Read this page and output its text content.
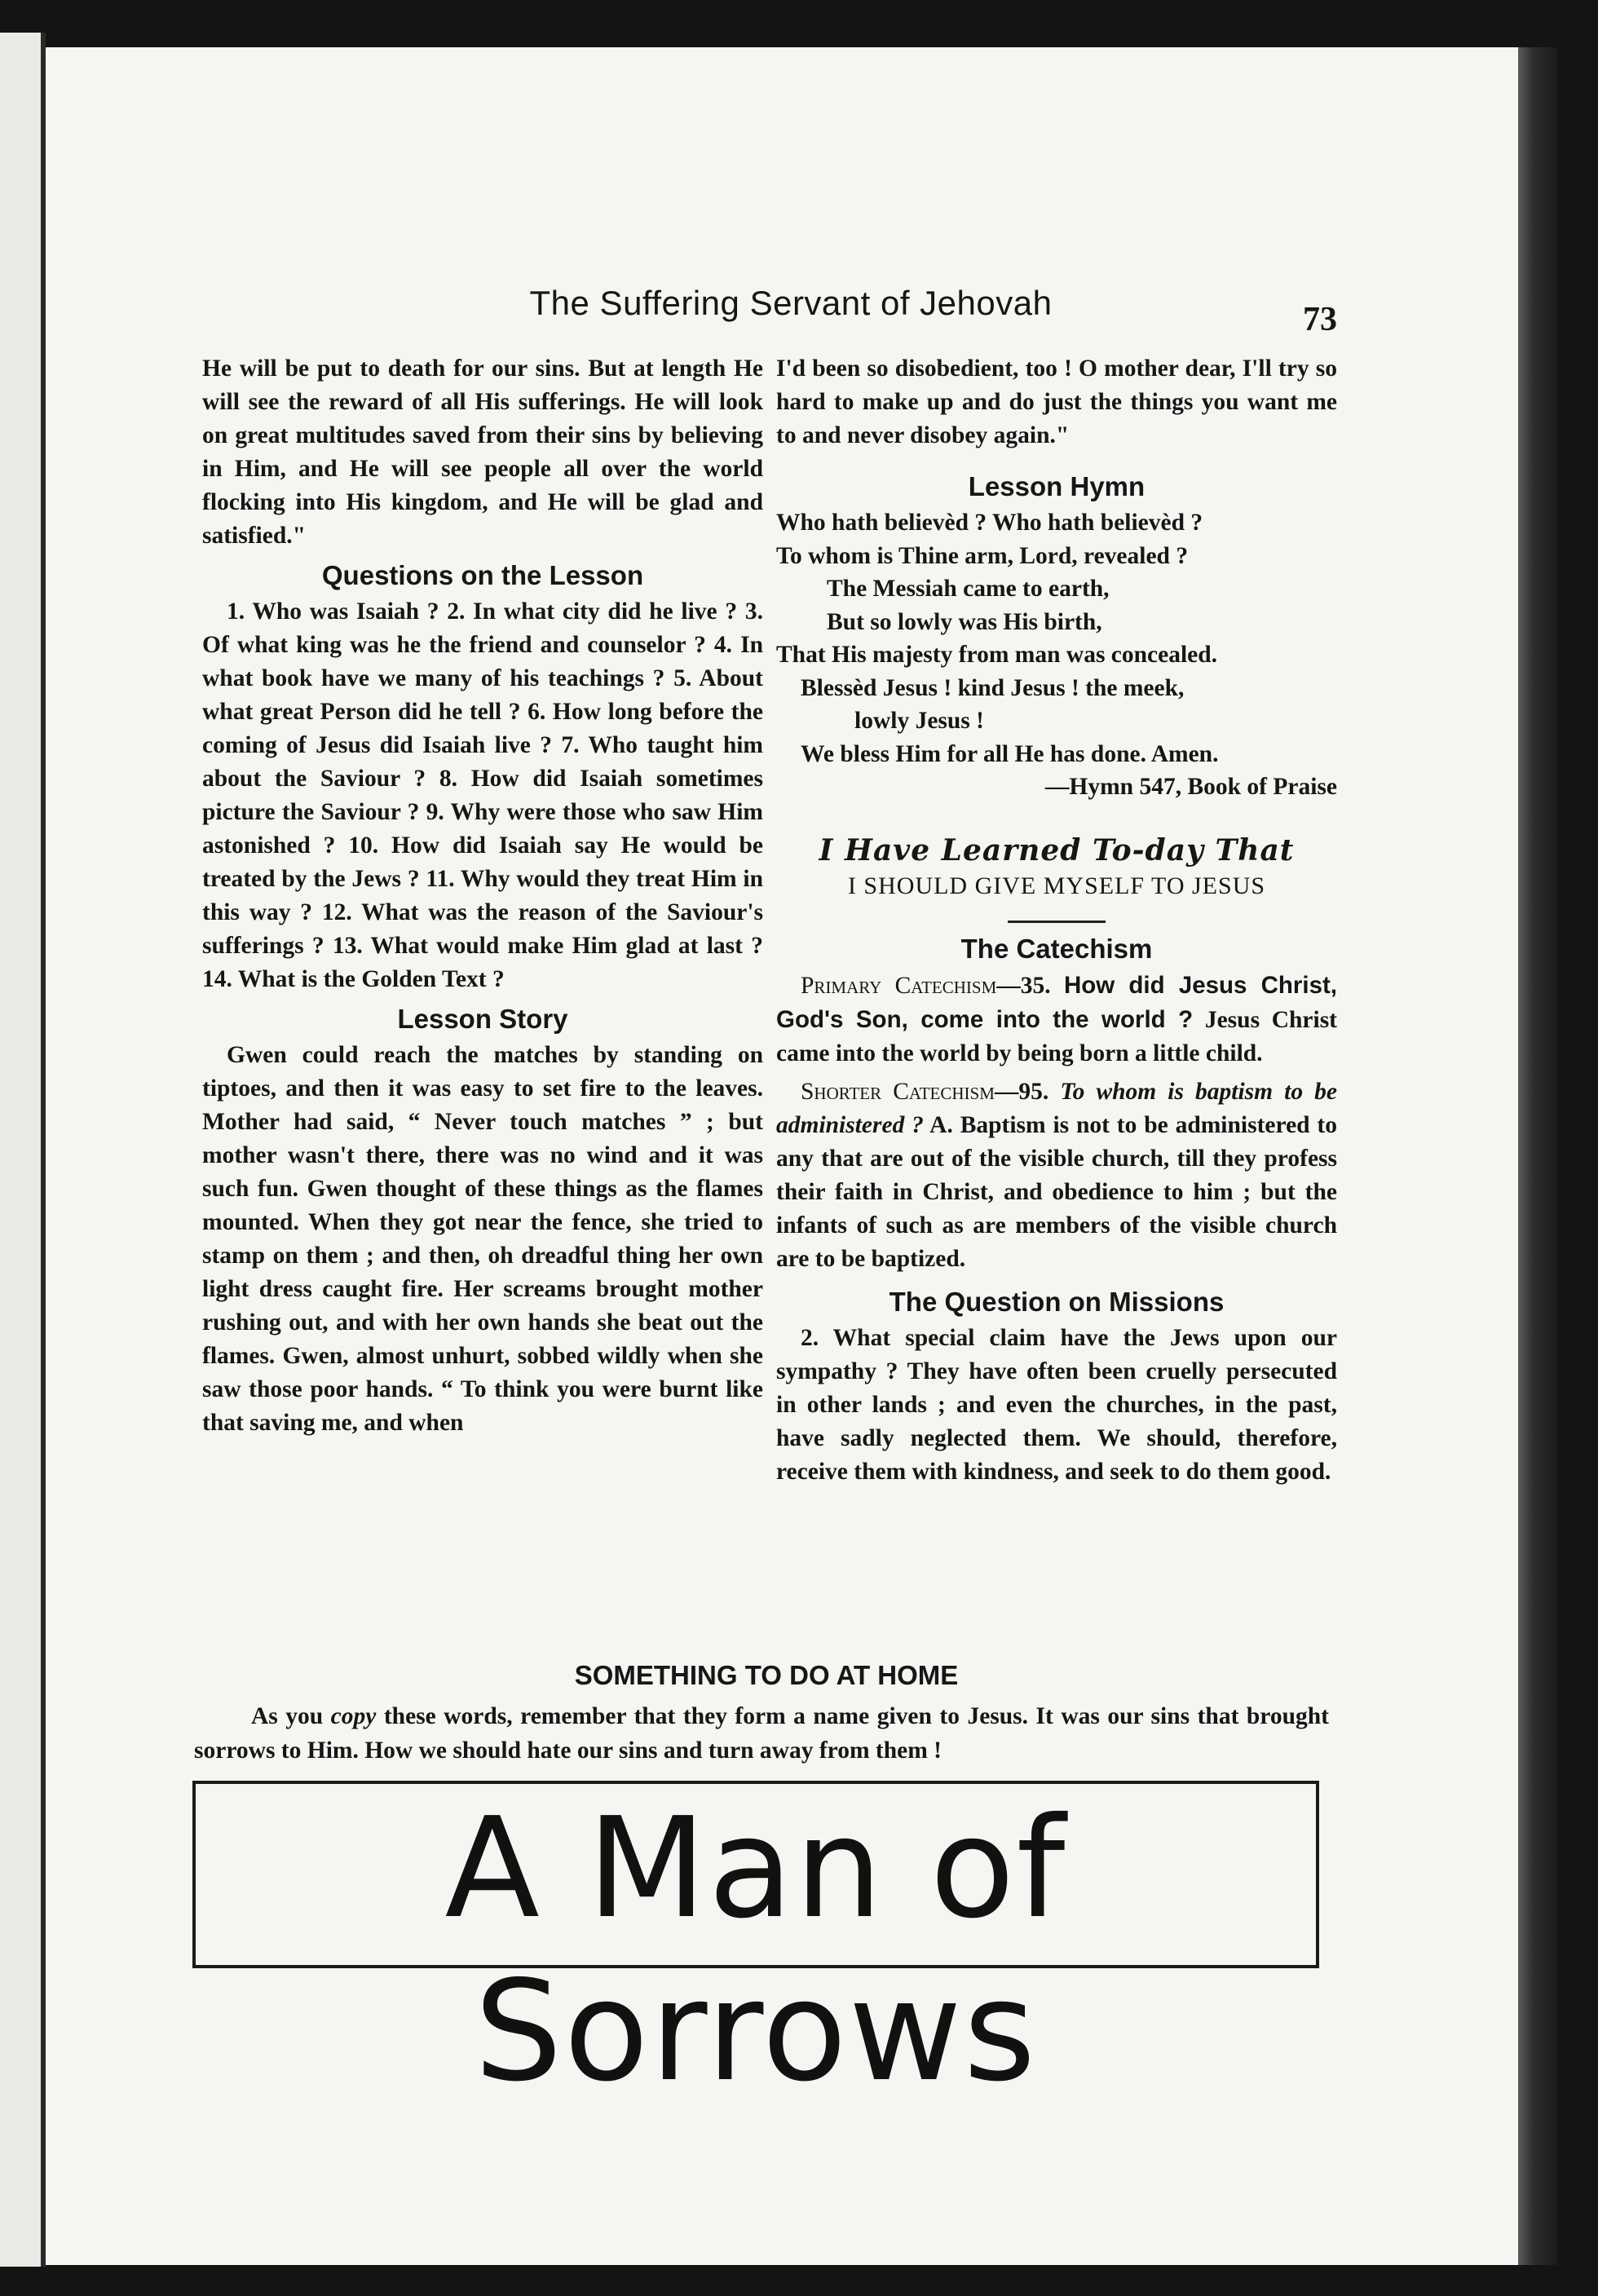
The Suffering Servant of Jehovah	73

He will be put to death for our sins. But at length He will see the reward of all His sufferings. He will look on great multitudes saved from their sins by believing in Him, and He will see people all over the world flocking into His kingdom, and He will be glad and satisfied."

Questions on the Lesson

1. Who was Isaiah ? 2. In what city did he live ? 3. Of what king was he the friend and counselor ? 4. In what book have we many of his teachings ? 5. About what great Person did he tell ? 6. How long before the coming of Jesus did Isaiah live ? 7. Who taught him about the Saviour ? 8. How did Isaiah sometimes picture the Saviour ? 9. Why were those who saw Him astonished ? 10. How did Isaiah say He would be treated by the Jews ? 11. Why would they treat Him in this way ? 12. What was the reason of the Saviour's sufferings ? 13. What would make Him glad at last ? 14. What is the Golden Text ?

Lesson Story

Gwen could reach the matches by standing on tiptoes, and then it was easy to set fire to the leaves. Mother had said, “ Never touch matches ” ; but mother wasn't there, there was no wind and it was such fun. Gwen thought of these things as the flames mounted. When they got near the fence, she tried to stamp on them ; and then, oh dreadful thing her own light dress caught fire. Her screams brought mother rushing out, and with her own hands she beat out the flames. Gwen, almost unhurt, sobbed wildly when she saw those poor hands. “ To think you were burnt like that saving me, and when

I'd been so disobedient, too ! O mother dear, I'll try so hard to make up and do just the things you want me to and never disobey again."

Lesson Hymn
Who hath believèd ? Who hath believèd ?
To whom is Thine arm, Lord, revealed ?
The Messiah came to earth,
But so lowly was His birth,
That His majesty from man was concealed.
Blessèd Jesus ! kind Jesus ! the meek,
lowly Jesus !
We bless Him for all He has done. Amen.
—Hymn 547, Book of Praise
I Have Learned To-day That
I SHOULD GIVE MYSELF TO JESUS
The Catechism

Primary Catechism—35. How did Jesus Christ, God's Son, come into the world ? Jesus Christ came into the world by being born a little child.

Shorter Catechism—95. To whom is baptism to be administered ? A. Baptism is not to be administered to any that are out of the visible church, till they profess their faith in Christ, and obedience to him ; but the infants of such as are members of the visible church are to be baptized.

The Question on Missions

2. What special claim have the Jews upon our sympathy ? They have often been cruelly persecuted in other lands ; and even the churches, in the past, have sadly neglected them. We should, therefore, receive them with kindness, and seek to do them good.

SOMETHING TO DO AT HOME
As you copy these words, remember that they form a name given to Jesus. It was our sins that brought sorrows to Him. How we should hate our sins and turn away from them !
A Man of Sorrows
